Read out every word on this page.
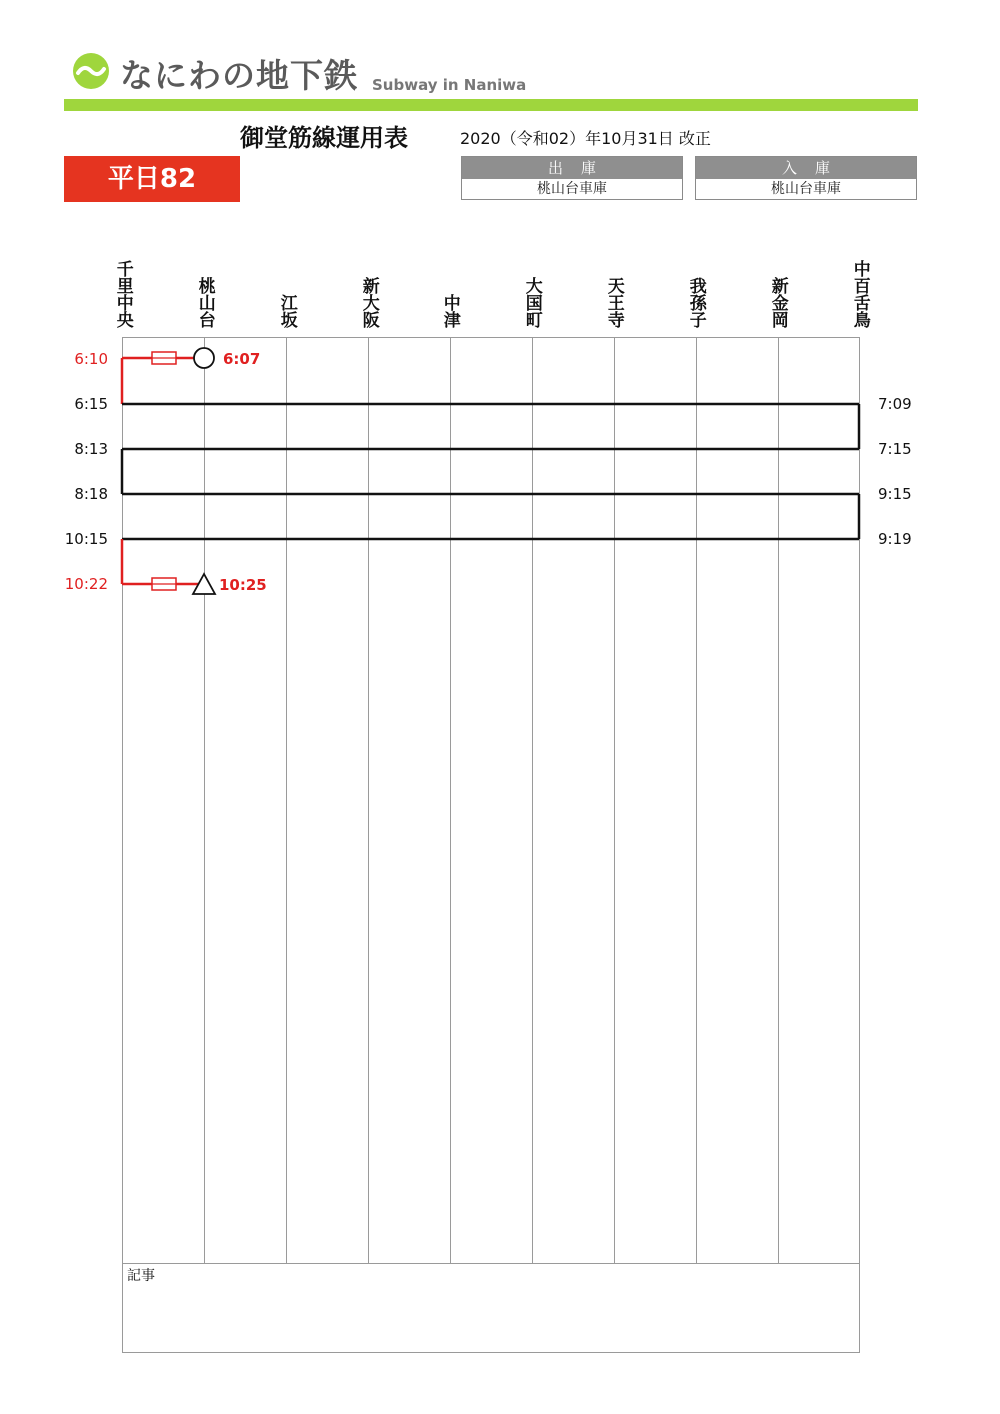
なにわの地下鉄 Subway in Naniwa
御堂筋線運用表	2020（令和02）年10月31日 改正
平日82	出庫
桃山台車庫
入庫
桃山台車庫
千里中央	桃山台	江坂	新大阪	中津	大国町	天王寺	我孫子	新金岡	中百舌鳥
6:10
6:15
8:13
8:18
10:15
10:22
7:09
7:15
9:15
9:19
6:07
10:25
記事
